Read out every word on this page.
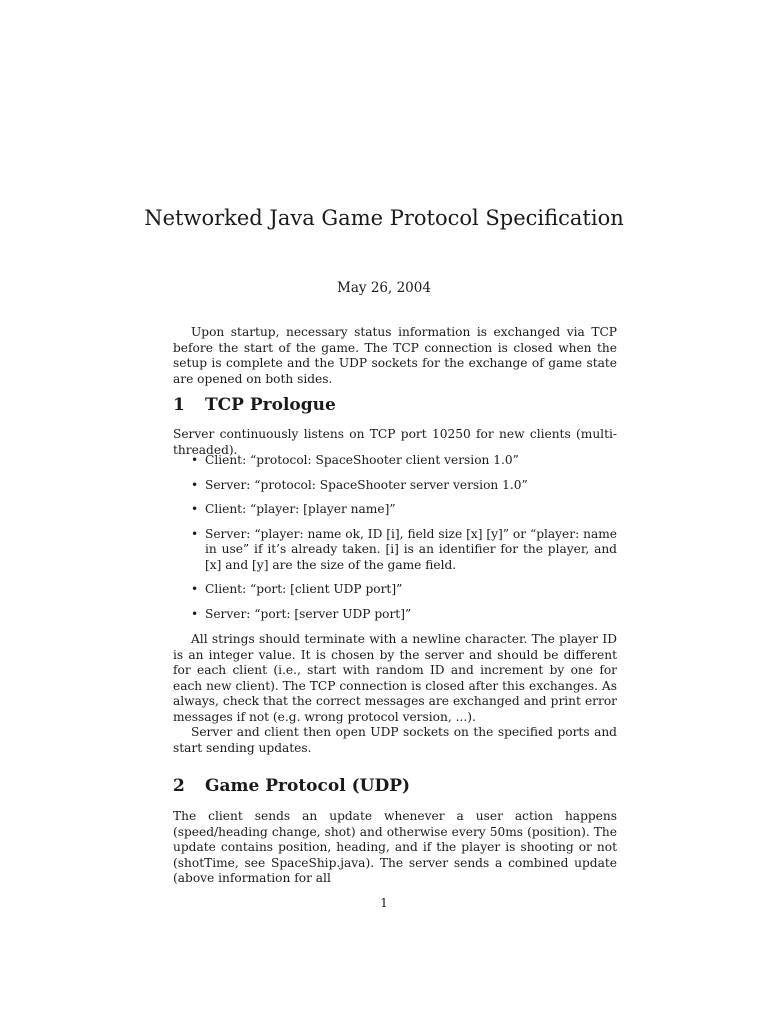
Networked Java Game Protocol Specification

May 26, 2004

Upon startup, necessary status information is exchanged via TCP before the start of the game. The TCP connection is closed when the setup is complete and the UDP sockets for the exchange of game state are opened on both sides.

1 TCP Prologue

Server continuously listens on TCP port 10250 for new clients (multi-threaded).

• Client: “protocol: SpaceShooter client version 1.0”
• Server: “protocol: SpaceShooter server version 1.0”
• Client: “player: [player name]”
• Server: “player: name ok, ID [i], field size [x] [y]” or “player: name in use” if it’s already taken. [i] is an identifier for the player, and [x] and [y] are the size of the game field.
• Client: “port: [client UDP port]”
• Server: “port: [server UDP port]”

All strings should terminate with a newline character. The player ID is an integer value. It is chosen by the server and should be different for each client (i.e., start with random ID and increment by one for each new client). The TCP connection is closed after this exchanges. As always, check that the correct messages are exchanged and print error messages if not (e.g. wrong protocol version, ...).

Server and client then open UDP sockets on the specified ports and start sending updates.

2 Game Protocol (UDP)

The client sends an update whenever a user action happens (speed/heading change, shot) and otherwise every 50ms (position). The update contains position, heading, and if the player is shooting or not (shotTime, see SpaceShip.java). The server sends a combined update (above information for all

1
